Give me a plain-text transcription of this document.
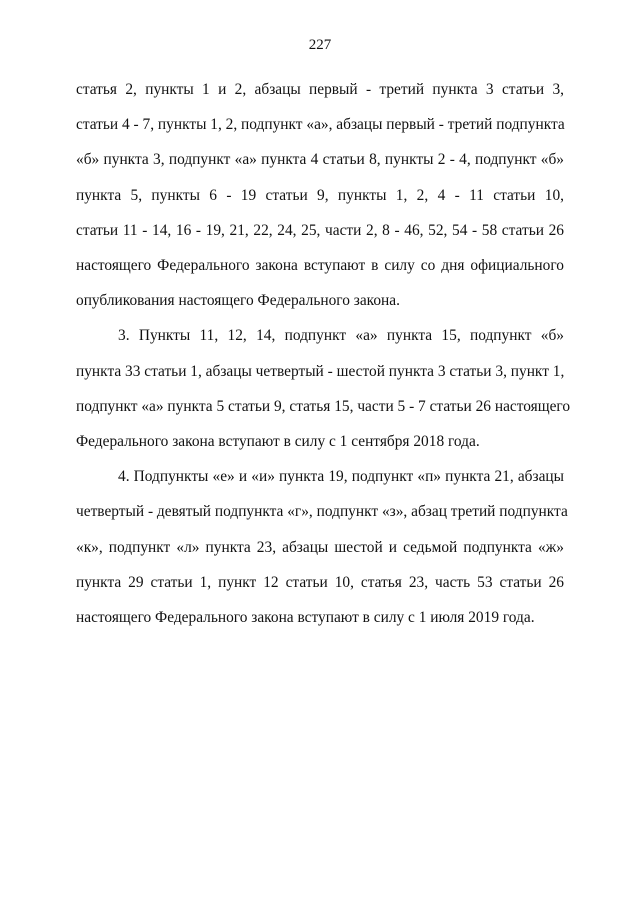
227

статья 2, пункты 1 и 2, абзацы первый - третий пункта 3 статьи 3,
статьи 4 - 7, пункты 1, 2, подпункт «а», абзацы первый - третий подпункта
«б» пункта 3, подпункт «а» пункта 4 статьи 8, пункты 2 - 4, подпункт «б»
пункта 5, пункты 6 - 19 статьи 9, пункты 1, 2, 4 - 11 статьи 10,
статьи 11 - 14, 16 - 19, 21, 22, 24, 25, части 2, 8 - 46, 52, 54 - 58 статьи 26
настоящего Федерального закона вступают в силу со дня официального
опубликования настоящего Федерального закона.

3. Пункты 11, 12, 14, подпункт «а» пункта 15, подпункт «б»
пункта 33 статьи 1, абзацы четвертый - шестой пункта 3 статьи 3, пункт 1,
подпункт «а» пункта 5 статьи 9, статья 15, части 5 - 7 статьи 26 настоящего
Федерального закона вступают в силу с 1 сентября 2018 года.

4. Подпункты «е» и «и» пункта 19, подпункт «п» пункта 21, абзацы
четвертый - девятый подпункта «г», подпункт «з», абзац третий подпункта
«к», подпункт «л» пункта 23, абзацы шестой и седьмой подпункта «ж»
пункта 29 статьи 1, пункт 12 статьи 10, статья 23, часть 53 статьи 26
настоящего Федерального закона вступают в силу с 1 июля 2019 года.
